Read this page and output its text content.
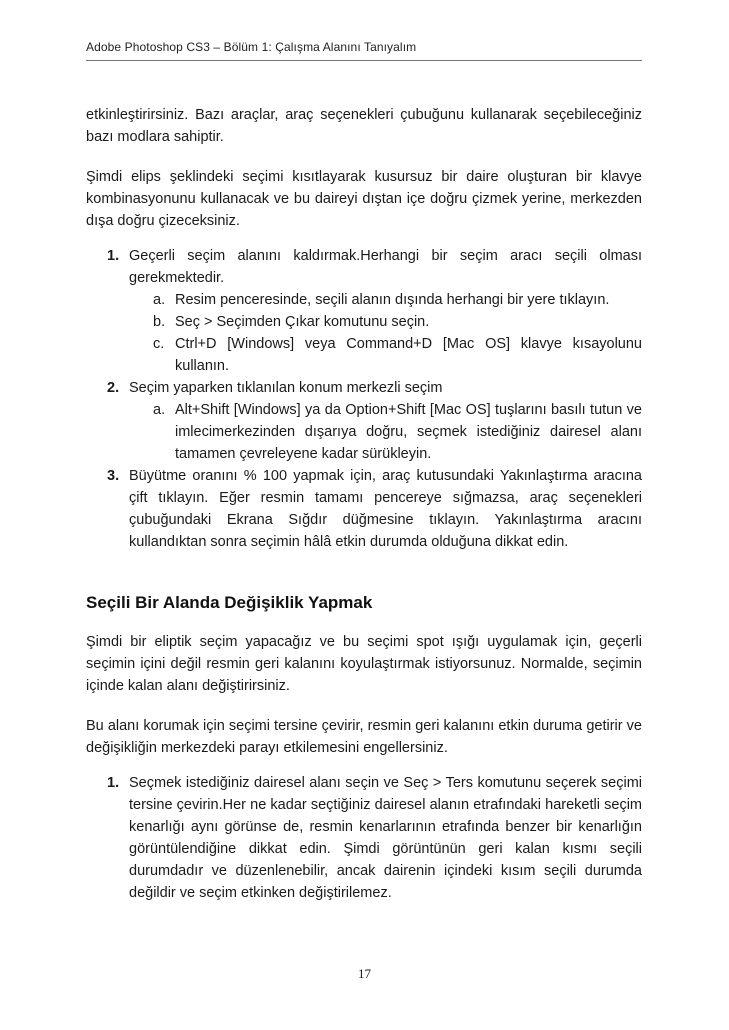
Adobe Photoshop CS3 – Bölüm 1: Çalışma Alanını Tanıyalım

etkinleştirirsiniz. Bazı araçlar, araç seçenekleri çubuğunu kullanarak seçebileceğiniz bazı modlara sahiptir.

Şimdi elips şeklindeki seçimi kısıtlayarak kusursuz bir daire oluşturan bir klavye kombinasyonunu kullanacak ve bu daireyi dıştan içe doğru çizmek yerine, merkezden dışa doğru çizeceksiniz.

1. Geçerli seçim alanını kaldırmak.Herhangi bir seçim aracı seçili olması gerekmektedir.
a. Resim penceresinde, seçili alanın dışında herhangi bir yere tıklayın.
b. Seç > Seçimden Çıkar komutunu seçin.
c. Ctrl+D [Windows] veya Command+D [Mac OS] klavye kısayolunu kullanın.
2. Seçim yaparken tıklanılan konum merkezli seçim
a. Alt+Shift [Windows] ya da Option+Shift [Mac OS] tuşlarını basılı tutun ve imlecimerkezinden dışarıya doğru, seçmek istediğiniz dairesel alanı tamamen çevreleyene kadar sürükleyin.
3. Büyütme oranını % 100 yapmak için, araç kutusundaki Yakınlaştırma aracına çift tıklayın. Eğer resmin tamamı pencereye sığmazsa, araç seçenekleri çubuğundaki Ekrana Sığdır düğmesine tıklayın. Yakınlaştırma aracını kullandıktan sonra seçimin hâlâ etkin durumda olduğuna dikkat edin.
Seçili Bir Alanda Değişiklik Yapmak

Şimdi bir eliptik seçim yapacağız ve bu seçimi spot ışığı uygulamak için, geçerli seçimin içini değil resmin geri kalanını koyulaştırmak istiyorsunuz. Normalde, seçimin içinde kalan alanı değiştirirsiniz.

Bu alanı korumak için seçimi tersine çevirir, resmin geri kalanını etkin duruma getirir ve değişikliğin merkezdeki parayı etkilemesini engellersiniz.

1. Seçmek istediğiniz dairesel alanı seçin ve Seç > Ters komutunu seçerek seçimi tersine çevirin.Her ne kadar seçtiğiniz dairesel alanın etrafındaki hareketli seçim kenarlığı aynı görünse de, resmin kenarlarının etrafında benzer bir kenarlığın görüntülendiğine dikkat edin. Şimdi görüntünün geri kalan kısmı seçili durumdadır ve düzenlenebilir, ancak dairenin içindeki kısım seçili durumda değildir ve seçim etkinken değiştirilemez.
17
